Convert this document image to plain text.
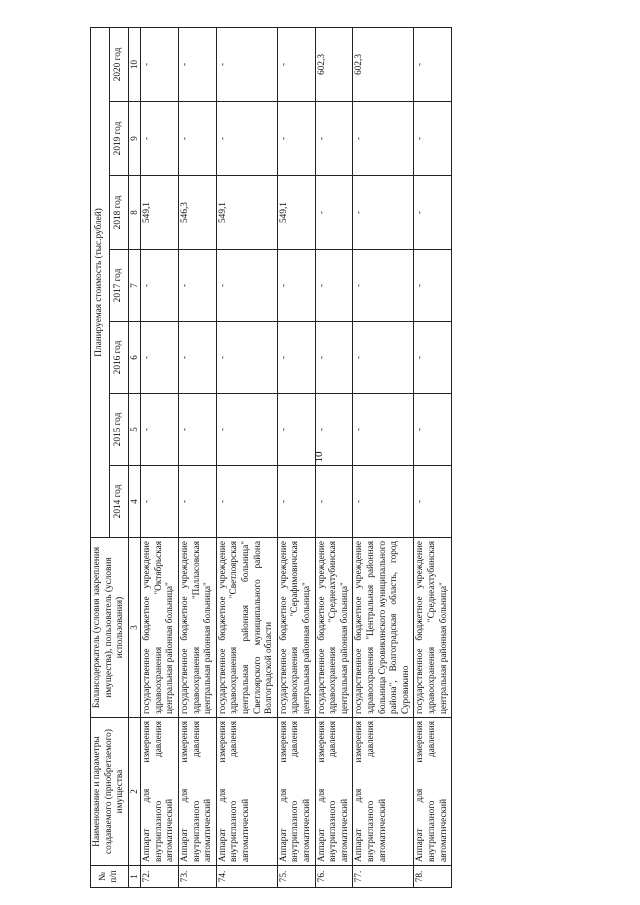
10
№ п/п	Наименование и параметры создаваемого (приобретаемого) имущества	Балансодержатель (условия закрепления имущества), пользователь (условия использования)	Планируемая стоимость (тыс.рублей)						
			2014 год	2015 год	2016 год	2017 год	2018 год	2019 год	2020 год
1	2	3	4	5	6	7	8	9	10
72.	Аппарат для измерения внутриглазного давления автоматический	государственное бюджетное учреждение здравоохранения "Октябрьская центральная районная больница"	-	-	-	-	549,1	-	-
73.	Аппарат для измерения внутриглазного давления автоматический	государственное бюджетное учреждение здравоохранения "Палласовская центральная районная больница"	-	-	-	-	546,3	-	-
74.	Аппарат для измерения внутриглазного давления автоматический	государственное бюджетное учреждение здравоохранения "Светлоярская центральная районная больница" Светлоярского муниципального района Волгоградской области	-	-	-	-	549,1	-	-
75.	Аппарат для измерения внутриглазного давления автоматический	государственное бюджетное учреждение здравоохранения "Серафимовичская центральная районная больница"	-	-	-	-	549,1	-	-
76.	Аппарат для измерения внутриглазного давления автоматический	государственное бюджетное учреждение здравоохранения "Среднеахтубинская центральная районная больница"	-	-	-	-	-	-	602,3
77.	Аппарат для измерения внутриглазного давления автоматический	государственное бюджетное учреждение здравоохранения "Центральная районная больница Суровикинского муниципального района", Волгоградская область, город Суровикино	-	-	-	-	-	-	602,3
78.	Аппарат для измерения внутриглазного давления автоматический	государственное бюджетное учреждение здравоохранения "Среднеахтубинская центральная районная больница"	-	-	-	-	-	-	-
